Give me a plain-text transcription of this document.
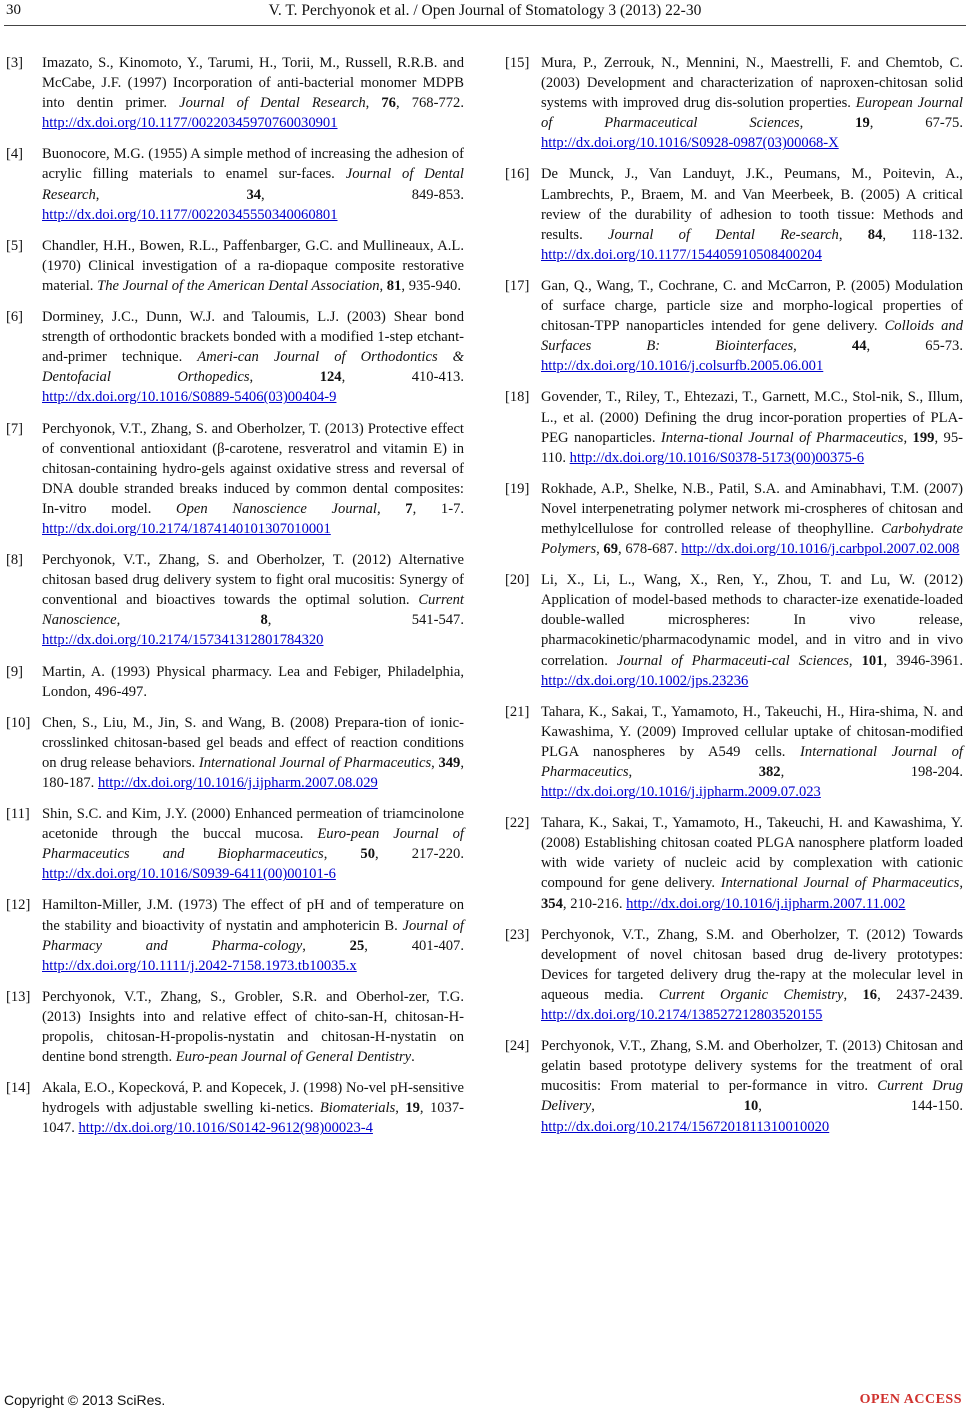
30	V. T. Perchyonok et al. / Open Journal of Stomatology 3 (2013) 22-30
[3]	Imazato, S., Kinomoto, Y., Tarumi, H., Torii, M., Russell, R.R.B. and McCabe, J.F. (1997) Incorporation of anti-bacterial monomer MDPB into dentin primer. Journal of Dental Research, 76, 768-772. http://dx.doi.org/10.1177/00220345970760030901
[4]	Buonocore, M.G. (1955) A simple method of increasing the adhesion of acrylic filling materials to enamel sur-faces. Journal of Dental Research, 34, 849-853. http://dx.doi.org/10.1177/00220345550340060801
[5]	Chandler, H.H., Bowen, R.L., Paffenbarger, G.C. and Mullineaux, A.L. (1970) Clinical investigation of a ra-diopaque composite restorative material. The Journal of the American Dental Association, 81, 935-940.
[6]	Dorminey, J.C., Dunn, W.J. and Taloumis, L.J. (2003) Shear bond strength of orthodontic brackets bonded with a modified 1-step etchant-and-primer technique. Ameri-can Journal of Orthodontics & Dentofacial Orthopedics, 124, 410-413. http://dx.doi.org/10.1016/S0889-5406(03)00404-9
[7]	Perchyonok, V.T., Zhang, S. and Oberholzer, T. (2013) Protective effect of conventional antioxidant (β-carotene, resveratrol and vitamin E) in chitosan-containing hydro-gels against oxidative stress and reversal of DNA double stranded breaks induced by common dental composites: In-vitro model. Open Nanoscience Journal, 7, 1-7. http://dx.doi.org/10.2174/1874140101307010001
[8]	Perchyonok, V.T., Zhang, S. and Oberholzer, T. (2012) Alternative chitosan based drug delivery system to fight oral mucositis: Synergy of conventional and bioactives towards the optimal solution. Current Nanoscience, 8, 541-547. http://dx.doi.org/10.2174/157341312801784320
[9]	Martin, A. (1993) Physical pharmacy. Lea and Febiger, Philadelphia, London, 496-497.
[10] Chen, S., Liu, M., Jin, S. and Wang, B. (2008) Prepara-tion of ionic-crosslinked chitosan-based gel beads and effect of reaction conditions on drug release behaviors. International Journal of Pharmaceutics, 349, 180-187. http://dx.doi.org/10.1016/j.ijpharm.2007.08.029
[11] Shin, S.C. and Kim, J.Y. (2000) Enhanced permeation of triamcinolone acetonide through the buccal mucosa. Euro-pean Journal of Pharmaceutics and Biopharmaceutics, 50, 217-220. http://dx.doi.org/10.1016/S0939-6411(00)00101-6
[12] Hamilton-Miller, J.M. (1973) The effect of pH and of temperature on the stability and bioactivity of nystatin and amphotericin B. Journal of Pharmacy and Pharma-cology, 25, 401-407. http://dx.doi.org/10.1111/j.2042-7158.1973.tb10035.x
[13] Perchyonok, V.T., Zhang, S., Grobler, S.R. and Oberhol-zer, T.G. (2013) Insights into and relative effect of chito-san-H, chitosan-H-propolis, chitosan-H-propolis-nystatin and chitosan-H-nystatin on dentine bond strength. Euro-pean Journal of General Dentistry.
[14] Akala, E.O., Kopecková, P. and Kopecek, J. (1998) No-vel pH-sensitive hydrogels with adjustable swelling ki-netics. Biomaterials, 19, 1037-1047. http://dx.doi.org/10.1016/S0142-9612(98)00023-4
[15] Mura, P., Zerrouk, N., Mennini, N., Maestrelli, F. and Chemtob, C. (2003) Development and characterization of naproxen-chitosan solid systems with improved drug dis-solution properties. European Journal of Pharmaceutical Sciences, 19, 67-75. http://dx.doi.org/10.1016/S0928-0987(03)00068-X
[16] De Munck, J., Van Landuyt, J.K., Peumans, M., Poitevin, A., Lambrechts, P., Braem, M. and Van Meerbeek, B. (2005) A critical review of the durability of adhesion to tooth tissue: Methods and results. Journal of Dental Re-search, 84, 118-132. http://dx.doi.org/10.1177/154405910508400204
[17] Gan, Q., Wang, T., Cochrane, C. and McCarron, P. (2005) Modulation of surface charge, particle size and morpho-logical properties of chitosan-TPP nanoparticles intended for gene delivery. Colloids and Surfaces B: Biointerfaces, 44, 65-73. http://dx.doi.org/10.1016/j.colsurfb.2005.06.001
[18] Govender, T., Riley, T., Ehtezazi, T., Garnett, M.C., Stol-nik, S., Illum, L., et al. (2000) Defining the drug incor-poration properties of PLA-PEG nanoparticles. Interna-tional Journal of Pharmaceutics, 199, 95-110. http://dx.doi.org/10.1016/S0378-5173(00)00375-6
[19] Rokhade, A.P., Shelke, N.B., Patil, S.A. and Aminabhavi, T.M. (2007) Novel interpenetrating polymer network mi-crospheres of chitosan and methylcellulose for controlled release of theophylline. Carbohydrate Polymers, 69, 678-687. http://dx.doi.org/10.1016/j.carbpol.2007.02.008
[20] Li, X., Li, L., Wang, X., Ren, Y., Zhou, T. and Lu, W. (2012) Application of model-based methods to character-ize exenatide-loaded double-walled microspheres: In vivo release, pharmacokinetic/pharmacodynamic model, and in vitro and in vivo correlation. Journal of Pharmaceuti-cal Sciences, 101, 3946-3961. http://dx.doi.org/10.1002/jps.23236
[21] Tahara, K., Sakai, T., Yamamoto, H., Takeuchi, H., Hira-shima, N. and Kawashima, Y. (2009) Improved cellular uptake of chitosan-modified PLGA nanospheres by A549 cells. International Journal of Pharmaceutics, 382, 198-204. http://dx.doi.org/10.1016/j.ijpharm.2009.07.023
[22] Tahara, K., Sakai, T., Yamamoto, H., Takeuchi, H. and Kawashima, Y. (2008) Establishing chitosan coated PLGA nanosphere platform loaded with wide variety of nucleic acid by complexation with cationic compound for gene delivery. International Journal of Pharmaceutics, 354, 210-216. http://dx.doi.org/10.1016/j.ijpharm.2007.11.002
[23] Perchyonok, V.T., Zhang, S.M. and Oberholzer, T. (2012) Towards development of novel chitosan based drug de-livery prototypes: Devices for targeted delivery drug the-rapy at the molecular level in aqueous media. Current Organic Chemistry, 16, 2437-2439. http://dx.doi.org/10.2174/138527212803520155
[24] Perchyonok, V.T., Zhang, S.M. and Oberholzer, T. (2013) Chitosan and gelatin based prototype delivery systems for the treatment of oral mucositis: From material to per-formance in vitro. Current Drug Delivery, 10, 144-150. http://dx.doi.org/10.2174/1567201811310010020
Copyright © 2013 SciRes.	OPEN ACCESS
